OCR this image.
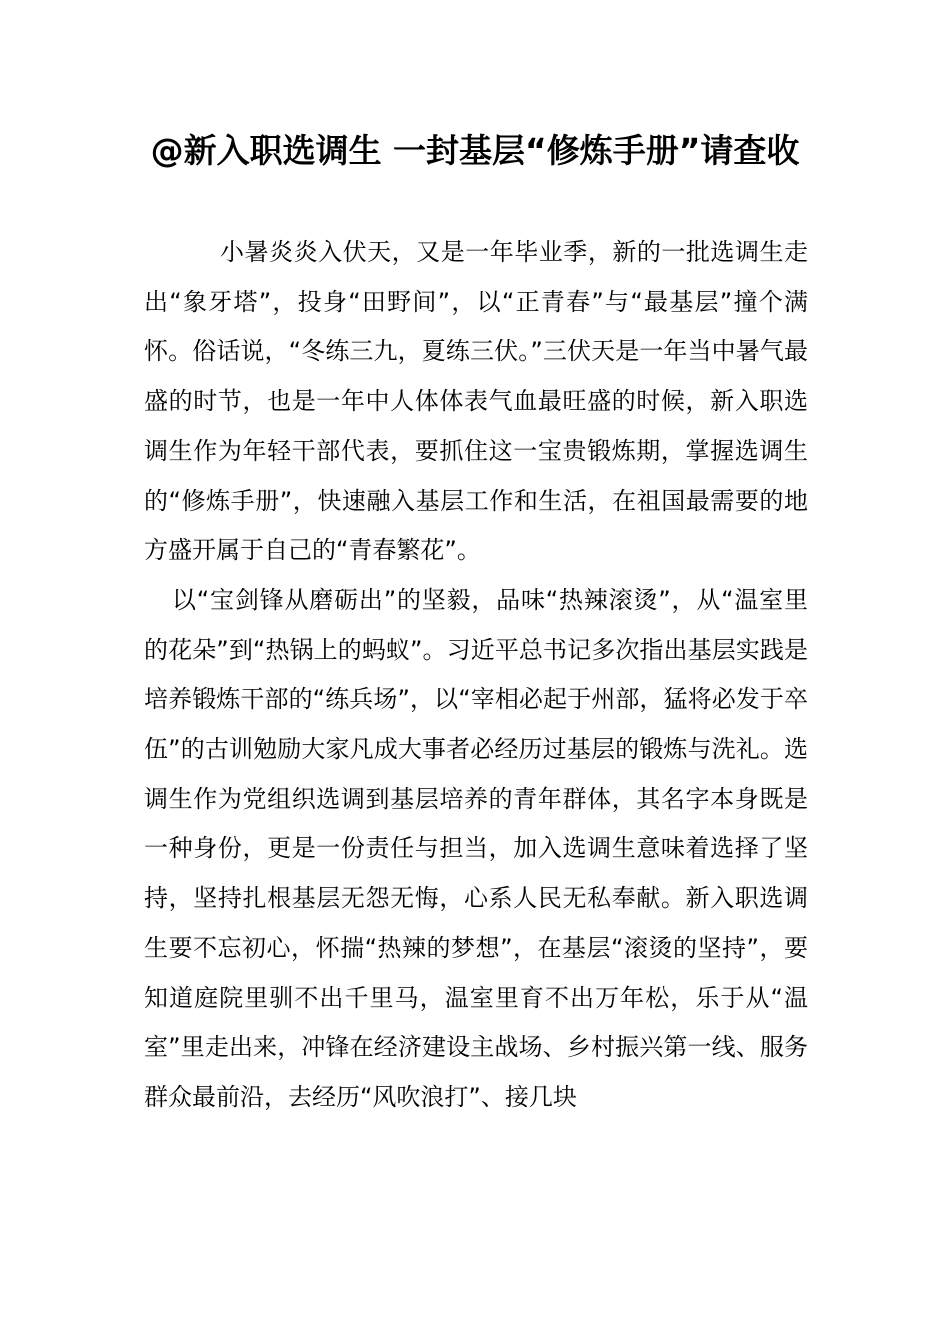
@新入职选调生 一封基层“修炼手册”请查收

小暑炎炎入伏天，又是一年毕业季，新的一批选调生走出“象牙塔”，投身“田野间”，以“正青春”与“最基层”撞个满怀。俗话说，“冬练三九，夏练三伏。”三伏天是一年当中暑气最盛的时节，也是一年中人体体表气血最旺盛的时候，新入职选调生作为年轻干部代表，要抓住这一宝贵锻炼期，掌握选调生的“修炼手册”，快速融入基层工作和生活，在祖国最需要的地方盛开属于自己的“青春繁花”。

以“宝剑锋从磨砺出”的坚毅，品味“热辣滚烫”，从“温室里的花朵”到“热锅上的蚂蚁”。习近平总书记多次指出基层实践是培养锻炼干部的“练兵场”，以“宰相必起于州部，猛将必发于卒伍”的古训勉励大家凡成大事者必经历过基层的锻炼与洗礼。选调生作为党组织选调到基层培养的青年群体，其名字本身既是一种身份，更是一份责任与担当，加入选调生意味着选择了坚持，坚持扎根基层无怨无悔，心系人民无私奉献。新入职选调生要不忘初心，怀揣“热辣的梦想”，在基层“滚烫的坚持”，要知道庭院里驯不出千里马，温室里育不出万年松，乐于从“温室”里走出来，冲锋在经济建设主战场、乡村振兴第一线、服务群众最前沿，去经历“风吹浪打”、接几块
